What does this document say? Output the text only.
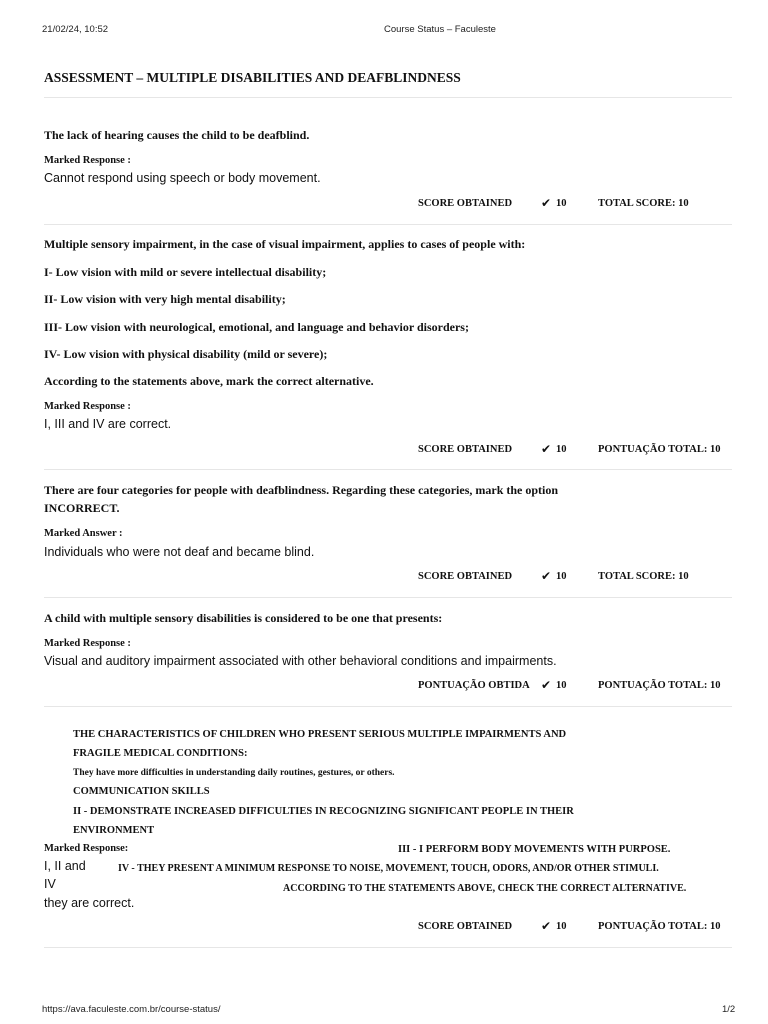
21/02/24, 10:52	Course Status – Faculeste
ASSESSMENT – MULTIPLE DISABILITIES AND DEAFBLINDNESS
The lack of hearing causes the child to be deafblind.
Marked Response :
Cannot respond using speech or body movement.
SCORE OBTAINED ✔ 10	TOTAL SCORE: 10
Multiple sensory impairment, in the case of visual impairment, applies to cases of people with:
I- Low vision with mild or severe intellectual disability;
II- Low vision with very high mental disability;
III- Low vision with neurological, emotional, and language and behavior disorders;
IV- Low vision with physical disability (mild or severe);
According to the statements above, mark the correct alternative.
Marked Response :
I, III and IV are correct.
SCORE OBTAINED ✔ 10	PONTUAÇÃO TOTAL: 10
There are four categories for people with deafblindness. Regarding these categories, mark the option
INCORRECT.
Marked Answer :
Individuals who were not deaf and became blind.
SCORE OBTAINED ✔ 10	TOTAL SCORE: 10
A child with multiple sensory disabilities is considered to be one that presents:
Marked Response :
Visual and auditory impairment associated with other behavioral conditions and impairments.
PONTUAÇÃO OBTIDA ✔ 10	PONTUAÇÃO TOTAL: 10
THE CHARACTERISTICS OF CHILDREN WHO PRESENT SERIOUS MULTIPLE IMPAIRMENTS AND
FRAGILE MEDICAL CONDITIONS:
They have more difficulties in understanding daily routines, gestures, or others.
COMMUNICATION SKILLS
II - DEMONSTRATE INCREASED DIFFICULTIES IN RECOGNIZING SIGNIFICANT PEOPLE IN THEIR
ENVIRONMENT
III - I PERFORM BODY MOVEMENTS WITH PURPOSE.
IV - THEY PRESENT A MINIMUM RESPONSE TO NOISE, MOVEMENT, TOUCH, ODORS, AND/OR OTHER STIMULI.
ACCORDING TO THE STATEMENTS ABOVE, CHECK THE CORRECT ALTERNATIVE.
Marked Response:
I, II and
IV
they are correct.
SCORE OBTAINED ✔ 10	PONTUAÇÃO TOTAL: 10
https://ava.faculeste.com.br/course-status/	1/2
